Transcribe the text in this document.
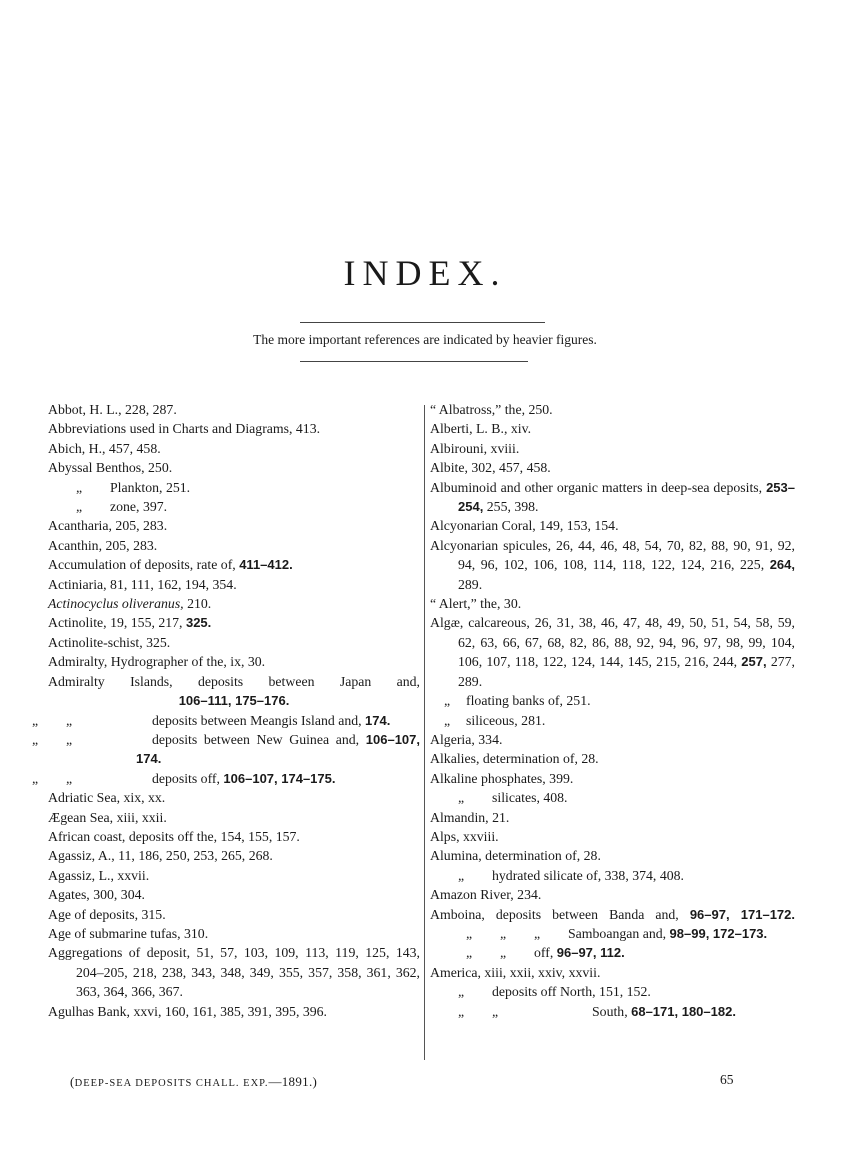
INDEX.
The more important references are indicated by heavier figures.
Abbot, H. L., 228, 287.
Abbreviations used in Charts and Diagrams, 413.
Abich, H., 457, 458.
Abyssal Benthos, 250.
„ Plankton, 251.
„ zone, 397.
Acantharia, 205, 283.
Acanthin, 205, 283.
Accumulation of deposits, rate of, 411–412.
Actiniaria, 81, 111, 162, 194, 354.
Actinocyclus oliveranus, 210.
Actinolite, 19, 155, 217, 325.
Actinolite-schist, 325.
Admiralty, Hydrographer of the, ix, 30.
Admiralty Islands, deposits between Japan and,
106–111, 175–176.
„ „	deposits between Meangis Island and, 174.
„ „	deposits between New Guinea and, 106–107, 174.
„ „	deposits off, 106–107, 174–175.
Adriatic Sea, xix, xx.
Ægean Sea, xiii, xxii.
African coast, deposits off the, 154, 155, 157.
Agassiz, A., 11, 186, 250, 253, 265, 268.
Agassiz, L., xxvii.
Agates, 300, 304.
Age of deposits, 315.
Age of submarine tufas, 310.
Aggregations of deposit, 51, 57, 103, 109, 113, 119, 125, 143, 204–205, 218, 238, 343, 348, 349, 355, 357, 358, 361, 362, 363, 364, 366, 367.
Agulhas Bank, xxvi, 160, 161, 385, 391, 395, 396.
“ Albatross,” the, 250.
Alberti, L. B., xiv.
Albirouni, xviii.
Albite, 302, 457, 458.
Albuminoid and other organic matters in deep-sea deposits, 253–254, 255, 398.
Alcyonarian Coral, 149, 153, 154.
Alcyonarian spicules, 26, 44, 46, 48, 54, 70, 82, 88, 90, 91, 92, 94, 96, 102, 106, 108, 114, 118, 122, 124, 216, 225, 264, 289.
“ Alert,” the, 30.
Algæ, calcareous, 26, 31, 38, 46, 47, 48, 49, 50, 51, 54, 58, 59, 62, 63, 66, 67, 68, 82, 86, 88, 92, 94, 96, 97, 98, 99, 104, 106, 107, 118, 122, 124, 144, 145, 215, 216, 244, 257, 277, 289.
„ floating banks of, 251.
„ siliceous, 281.
Algeria, 334.
Alkalies, determination of, 28.
Alkaline phosphates, 399.
„ silicates, 408.
Almandin, 21.
Alps, xxviii.
Alumina, determination of, 28.
„ hydrated silicate of, 338, 374, 408.
Amazon River, 234.
Amboina, deposits between Banda and, 96–97, 171–172.
„ „ „ Samboangan and, 98–99, 172–173.
„ „ off, 96–97, 112.
America, xiii, xxii, xxiv, xxvii.
„ deposits off North, 151, 152.
„ „	South, 68–171, 180–182.
(DEEP-SEA DEPOSITS CHALL. EXP.—1891.)	65
